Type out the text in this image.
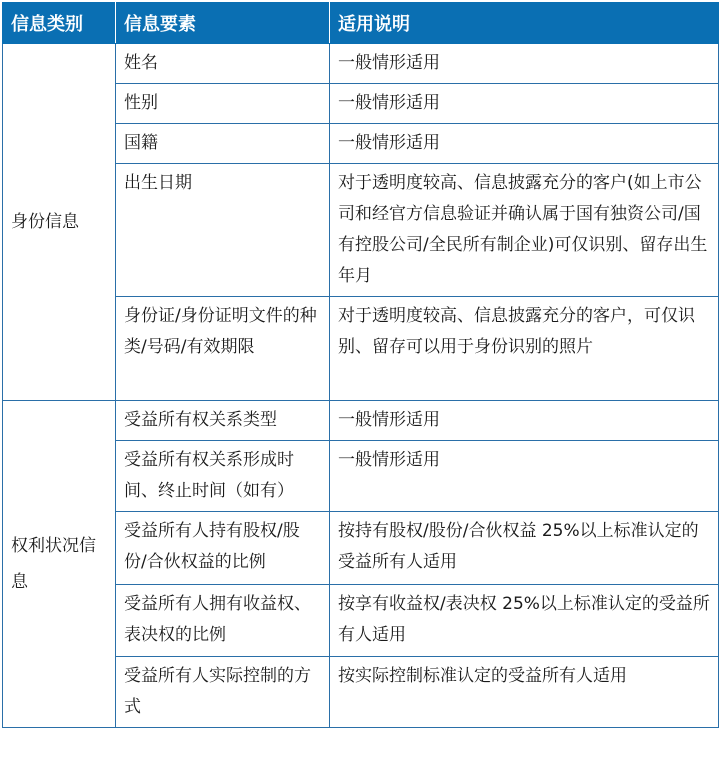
信息类别	信息要素	适用说明
身份信息	姓名	一般情形适用
	性别	一般情形适用
	国籍	一般情形适用
	出生日期	对于透明度较高、信息披露充分的客户(如上市公司和经官方信息验证并确认属于国有独资公司/国有控股公司/全民所有制企业)可仅识别、留存出生年月
	身份证/身份证明文件的种类/号码/有效期限	对于透明度较高、信息披露充分的客户，可仅识别、留存可以用于身份识别的照片
权利状况信息	受益所有权关系类型	一般情形适用
	受益所有权关系形成时间、终止时间（如有）	一般情形适用
	受益所有人持有股权/股份/合伙权益的比例	按持有股权/股份/合伙权益 25%以上标准认定的受益所有人适用
	受益所有人拥有收益权、表决权的比例	按享有收益权/表决权 25%以上标准认定的受益所有人适用
	受益所有人实际控制的方式	按实际控制标准认定的受益所有人适用
